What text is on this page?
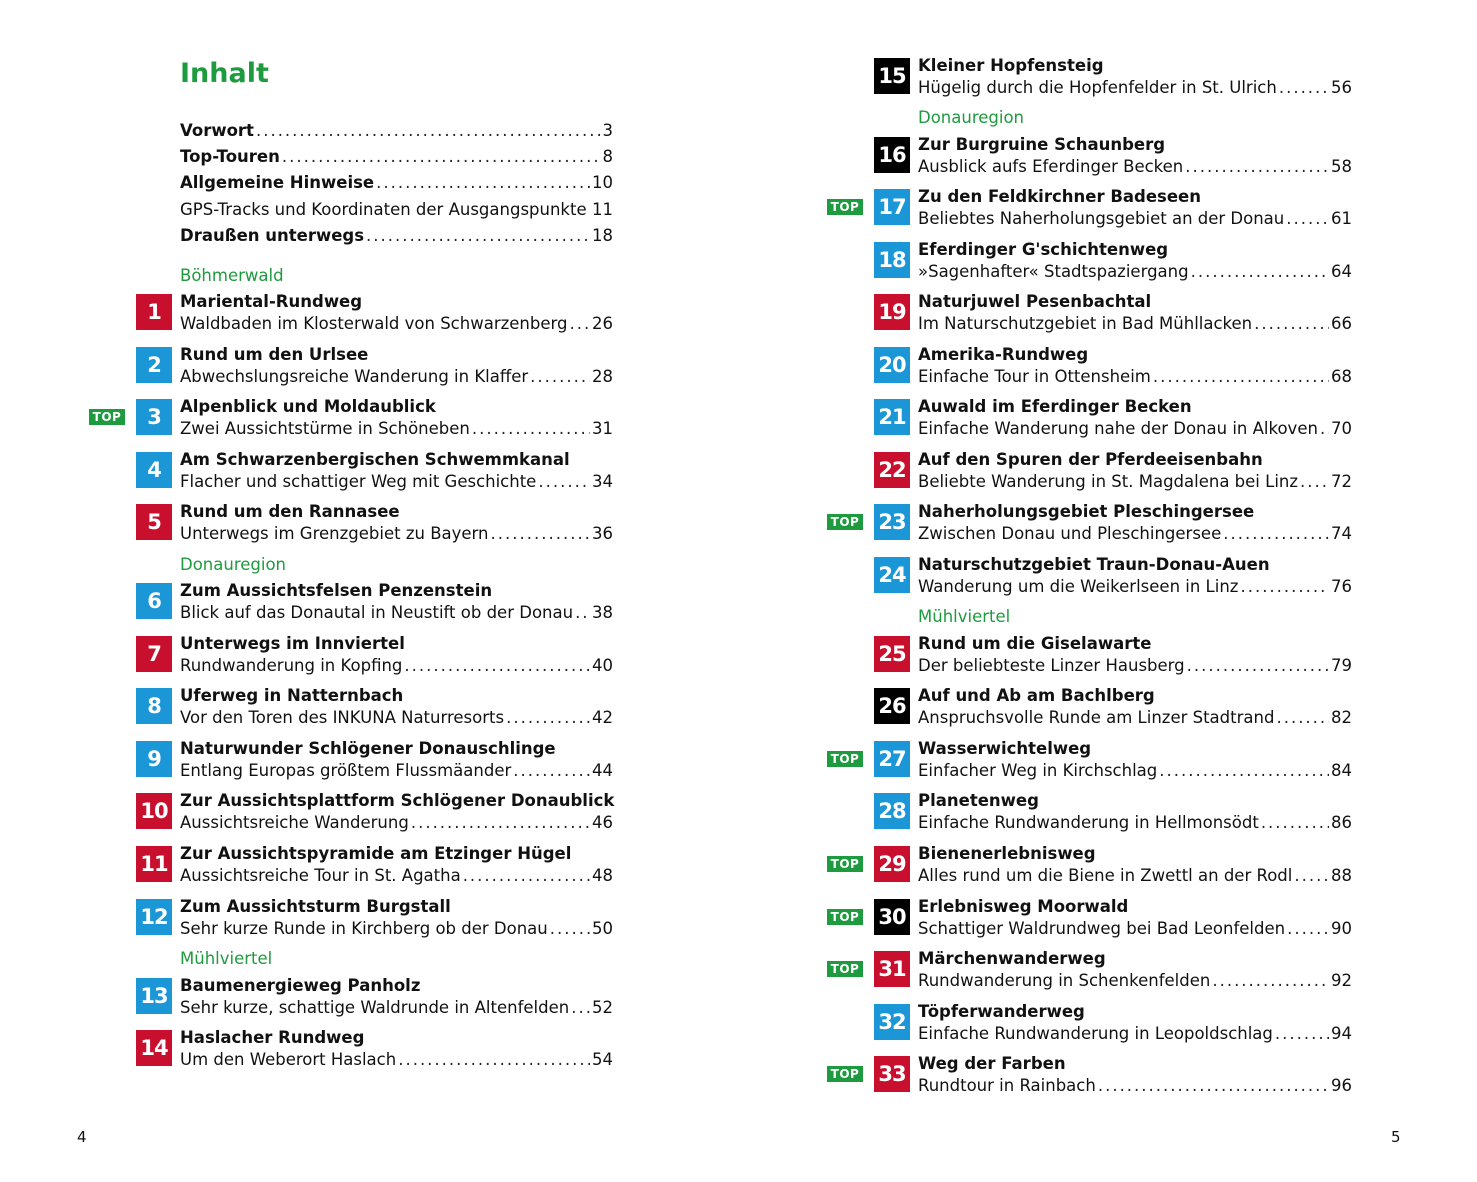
Inhalt
Vorwort .....	3
Top-Touren .....	8
Allgemeine Hinweise .....	10
GPS-Tracks und Koordinaten der Ausgangspunkte ..... 11
Draußen unterwegs .....	18
Böhmerwald
Donauregion
Mühlviertel
1	Mariental-Rundweg
Waldbaden im Klosterwald von Schwarzenberg ..... 26
2	Rund um den Urlsee
Abwechslungsreiche Wanderung in Klaffer .....	28
TOP	3	Alpenblick und Moldaublick
Zwei Aussichtstürme in Schöneben .....	31
4	Am Schwarzenbergischen Schwemmkanal
Flacher und schattiger Weg mit Geschichte .....	34
5	Rund um den Rannasee
Unterwegs im Grenzgebiet zu Bayern .....	36
6	Zum Aussichtsfelsen Penzenstein
Blick auf das Donautal in Neustift ob der Donau ..... 38
7	Unterwegs im Innviertel
Rundwanderung in Kopfing .....	40
8	Uferweg in Natternbach
Vor den Toren des INKUNA Naturresorts .....	42
9	Naturwunder Schlögener Donauschlinge
Entlang Europas größtem Flussmäander .....	44
10 Zur Aussichtsplattform Schlögener Donaublick
Aussichtsreiche Wanderung .....	46
11 Zur Aussichtspyramide am Etzinger Hügel
Aussichtsreiche Tour in St. Agatha .....	48
12 Zum Aussichtsturm Burgstall
Sehr kurze Runde in Kirchberg ob der Donau .....	50
13 Baumenergieweg Panholz
Sehr kurze, schattige Waldrunde in Altenfelden ..... 52
14 Haslacher Rundweg
Um den Weberort Haslach .....	54
4
Donauregion
Mühlviertel
15 Kleiner Hopfensteig
Hügelig durch die Hopfenfelder in St. Ulrich .....	56
16 Zur Burgruine Schaunberg
Ausblick aufs Eferdinger Becken .....	58
TOP 17 Zu den Feldkirchner Badeseen
Beliebtes Naherholungsgebiet an der Donau .....	61
18 Eferdinger G'schichtenweg
»Sagenhafter« Stadtspaziergang .....	64
19 Naturjuwel Pesenbachtal
Im Naturschutzgebiet in Bad Mühllacken .....	66
20 Amerika-Rundweg
Einfache Tour in Ottensheim .....	68
21 Auwald im Eferdinger Becken
Einfache Wanderung nahe der Donau in Alkoven ..... 70
22 Auf den Spuren der Pferdeeisenbahn
Beliebte Wanderung in St. Magdalena bei Linz ..... 72
TOP 23 Naherholungsgebiet Pleschingersee
Zwischen Donau und Pleschingersee .....	74
24 Naturschutzgebiet Traun-Donau-Auen
Wanderung um die Weikerlseen in Linz .....	76
25 Rund um die Giselawarte
Der beliebteste Linzer Hausberg .....	79
26 Auf und Ab am Bachlberg
Anspruchsvolle Runde am Linzer Stadtrand .....	82
TOP 27 Wasserwichtelweg
Einfacher Weg in Kirchschlag .....	84
28 Planetenweg
Einfache Rundwanderung in Hellmonsödt .....	86
TOP 29 Bienenerlebnisweg
Alles rund um die Biene in Zwettl an der Rodl ..... 88
TOP 30 Erlebnisweg Moorwald
Schattiger Waldrundweg bei Bad Leonfelden .....	90
TOP 31 Märchenwanderweg
Rundwanderung in Schenkenfelden .....	92
32 Töpferwanderweg
Einfache Rundwanderung in Leopoldschlag .....	94
TOP 33 Weg der Farben
Rundtour in Rainbach .....	96
5
